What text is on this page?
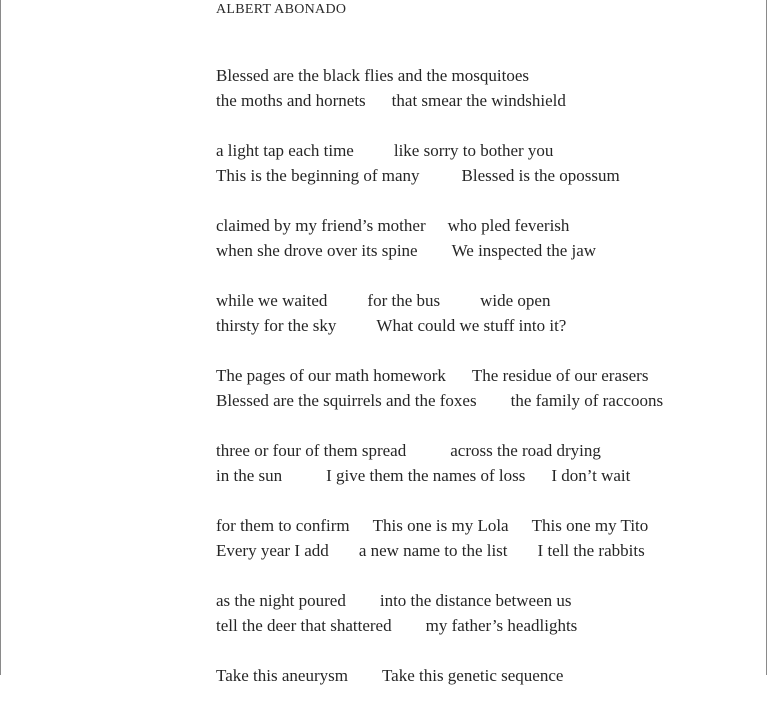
ALBERT ABONADO
Blessed are the black flies and the mosquitoes
the moths and hornets that smear the windshield
a light tap each time like sorry to bother you
This is the beginning of many Blessed is the opossum
claimed by my friend’s mother who pled feverish
when she drove over its spine We inspected the jaw
while we waited for the bus wide open
thirsty for the sky What could we stuff into it?
The pages of our math homework The residue of our erasers
Blessed are the squirrels and the foxes the family of raccoons
three or four of them spread	across the road drying
in the sun	I give them the names of loss I don’t wait
for them to confirm This one is my Lola This one my Tito
Every year I add a new name to the list I tell the rabbits
as the night poured into the distance between us
tell the deer that shattered my father’s headlights
Take this aneurysm Take this genetic sequence
